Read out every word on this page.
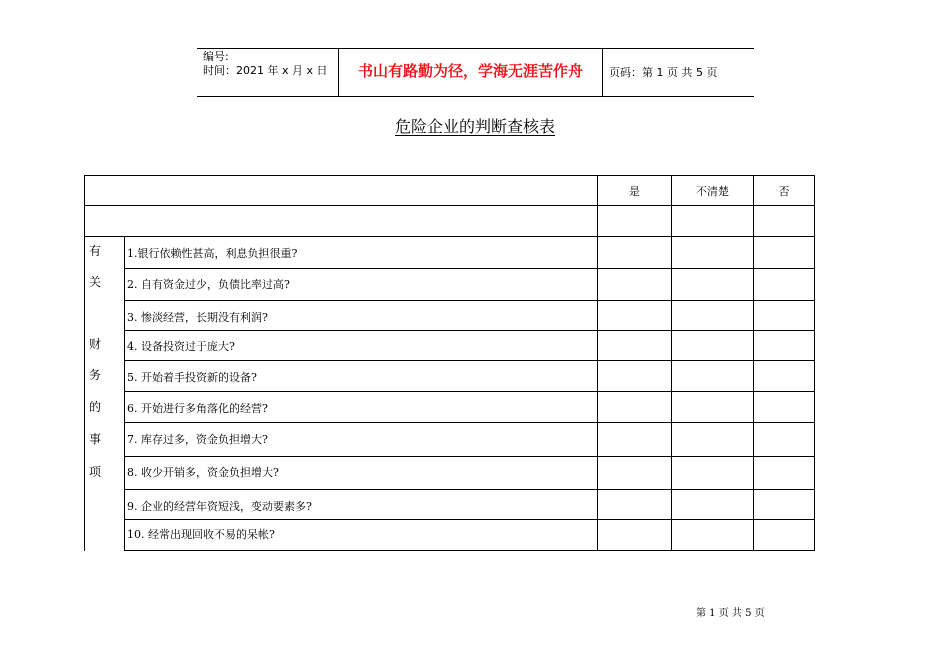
编号:
时间：2021 年 x 月 x 日	书山有路勤为径，学海无涯苦作舟	页码：第 1 页 共 5 页
危险企业的判断查核表
是	不清楚	否
有
关
财
务
的
事
项
1.银行依赖性甚高，利息负担很重?
2. 自有资金过少，负债比率过高?
3. 惨淡经营，长期没有利润?
4. 设备投资过于庞大?
5. 开始着手投资新的设备?
6. 开始进行多角落化的经营?
7. 库存过多，资金负担增大?
8. 收少开销多，资金负担增大?
9. 企业的经营年资短浅，变动要素多?
10. 经常出现回收不易的呆帐?
第 1 页 共 5 页
